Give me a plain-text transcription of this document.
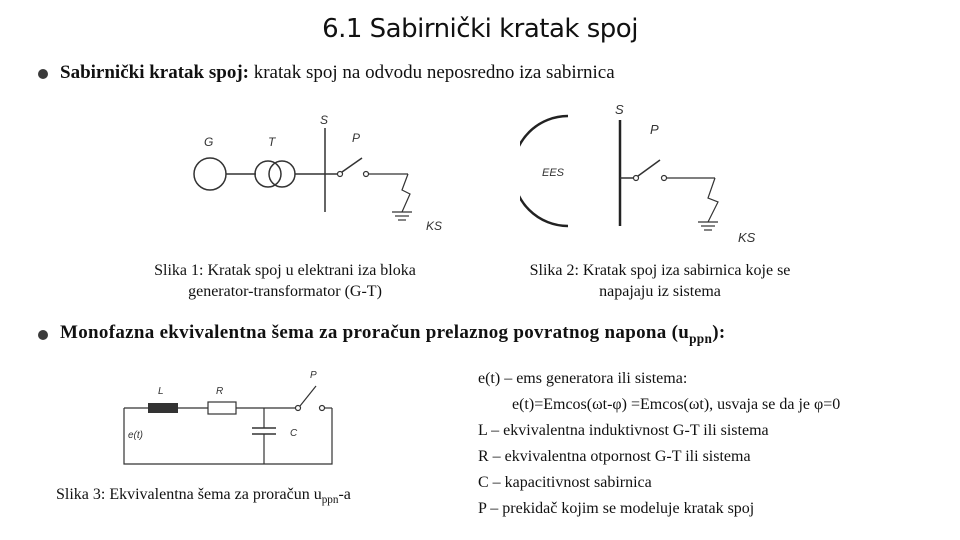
6.1 Sabirnički kratak spoj
Sabirnički kratak spoj: kratak spoj na odvodu neposredno iza sabirnica
G	T
S
P
KS
Slika 1: Kratak spoj u elektrani iza bloka
generator-transformator (G-T)
S
P
EES
KS
Slika 2: Kratak spoj iza sabirnica koje se
napajaju iz sistema
Monofazna ekvivalentna šema za proračun prelaznog povratnog napona $(u_{ppn})$:
L	R
P
C
e(t)
Slika 3: Ekvivalentna šema za proračun $u_{ppn}-a$
e(t) – ems generatora ili sistema:
e(t)=Emcos(ωt-φ) =Emcos(ωt), usvaja se da je φ=0
L – ekvivalentna induktivnost G-T ili sistema
R – ekvivalentna otpornost G-T ili sistema
C – kapacitivnost sabirnica
P – prekidač kojim se modeluje kratak spoj
